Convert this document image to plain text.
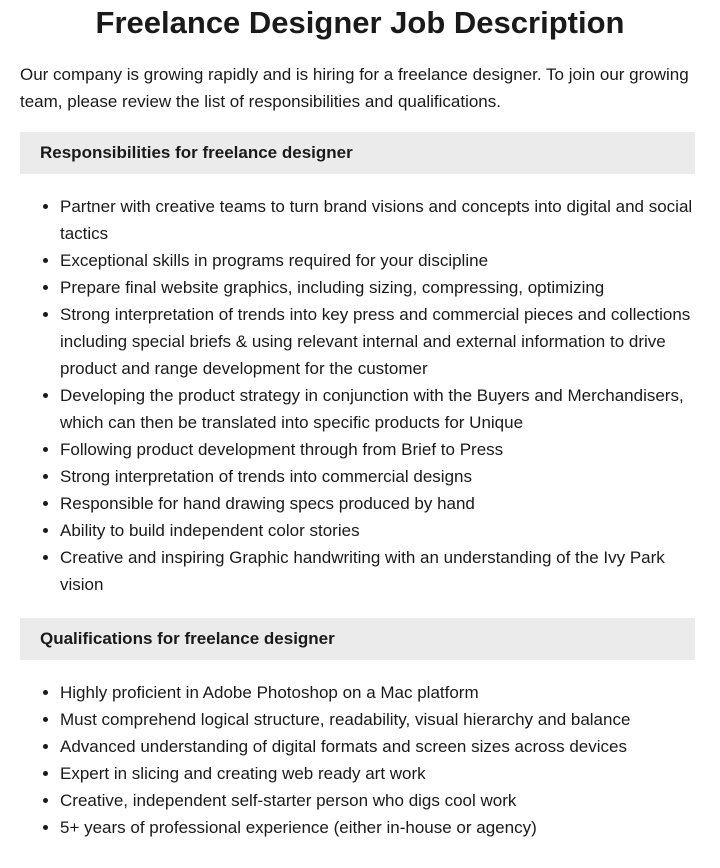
Freelance Designer Job Description

Our company is growing rapidly and is hiring for a freelance designer. To join our growing team, please review the list of responsibilities and qualifications.

Responsibilities for freelance designer
• Partner with creative teams to turn brand visions and concepts into digital and social tactics
• Exceptional skills in programs required for your discipline
• Prepare final website graphics, including sizing, compressing, optimizing
• Strong interpretation of trends into key press and commercial pieces and collections including special briefs & using relevant internal and external information to drive product and range development for the customer
• Developing the product strategy in conjunction with the Buyers and Merchandisers, which can then be translated into specific products for Unique
• Following product development through from Brief to Press
• Strong interpretation of trends into commercial designs
• Responsible for hand drawing specs produced by hand
• Ability to build independent color stories
• Creative and inspiring Graphic handwriting with an understanding of the Ivy Park vision
Qualifications for freelance designer
• Highly proficient in Adobe Photoshop on a Mac platform
• Must comprehend logical structure, readability, visual hierarchy and balance
• Advanced understanding of digital formats and screen sizes across devices
• Expert in slicing and creating web ready art work
• Creative, independent self-starter person who digs cool work
• 5+ years of professional experience (either in-house or agency)
